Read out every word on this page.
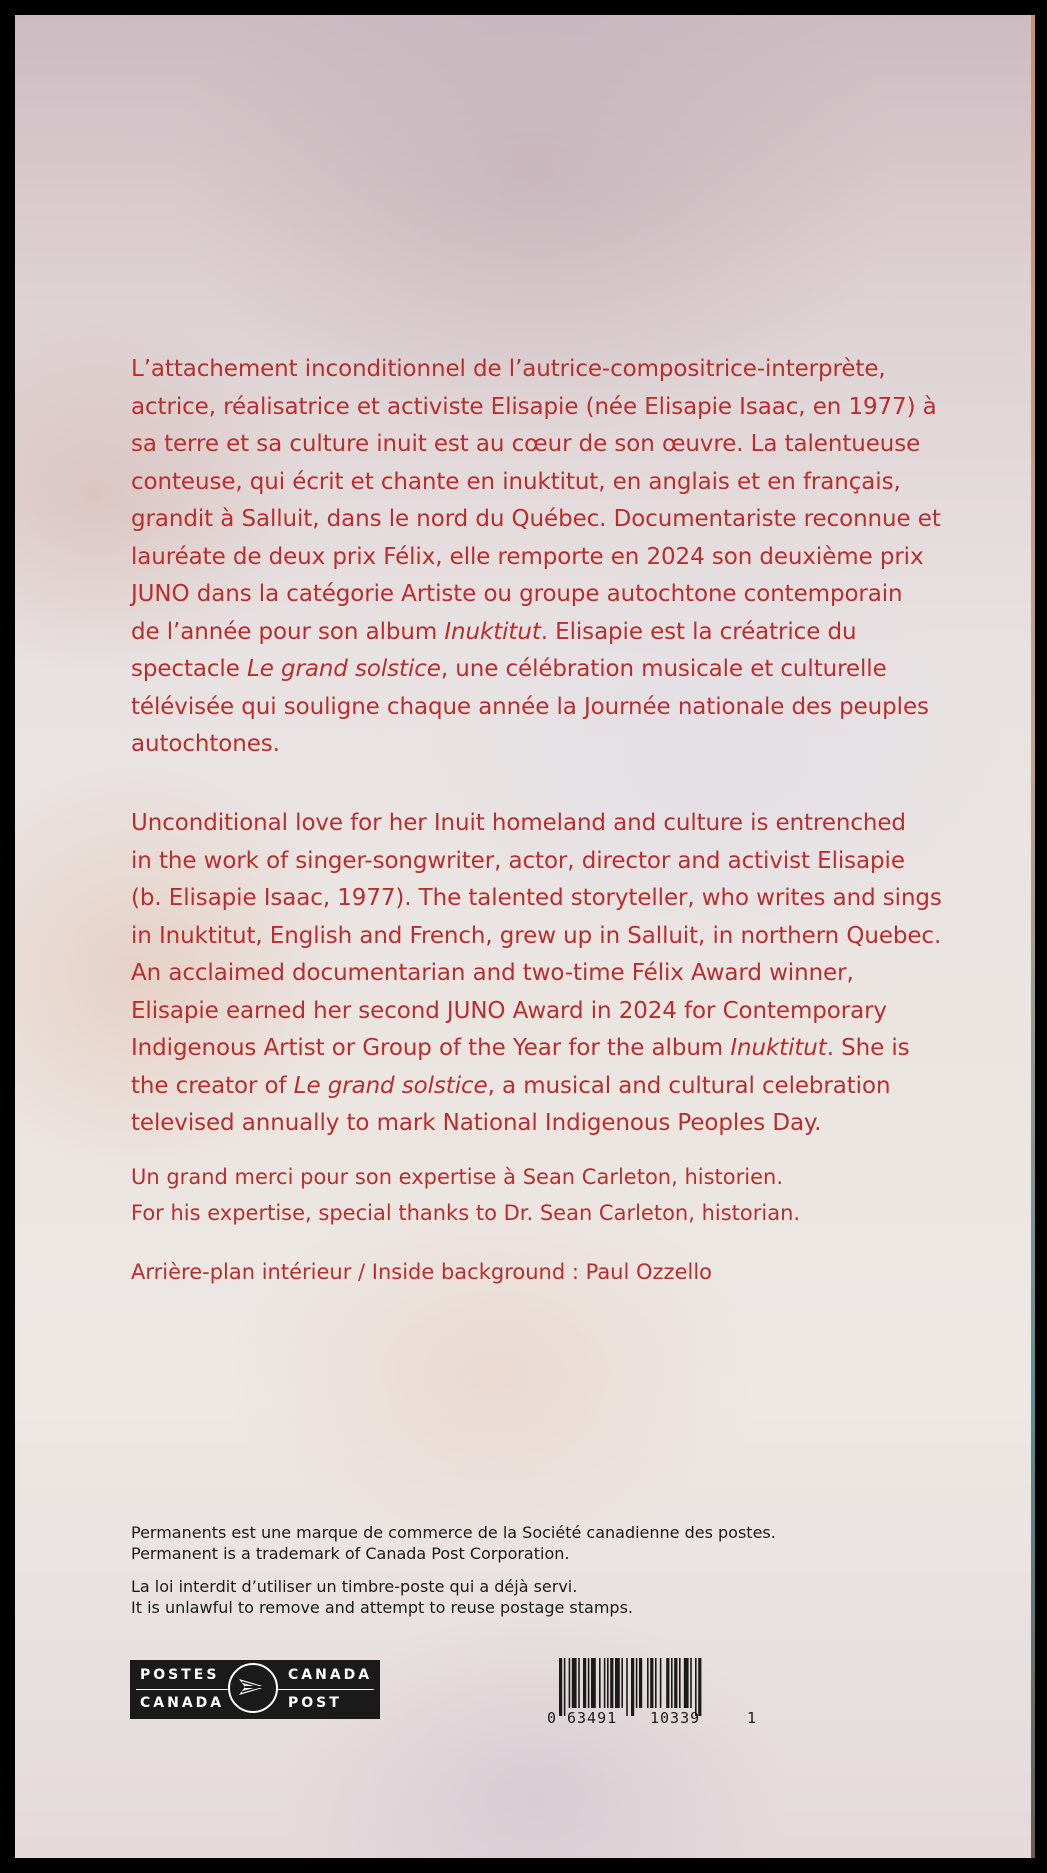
L’attachement inconditionnel de l’autrice-compositrice-interprète,
actrice, réalisatrice et activiste Elisapie (née Elisapie Isaac, en 1977) à
sa terre et sa culture inuit est au cœur de son œuvre. La talentueuse
conteuse, qui écrit et chante en inuktitut, en anglais et en français,
grandit à Salluit, dans le nord du Québec. Documentariste reconnue et
lauréate de deux prix Félix, elle remporte en 2024 son deuxième prix
JUNO dans la catégorie Artiste ou groupe autochtone contemporain
de l’année pour son album Inuktitut. Elisapie est la créatrice du
spectacle Le grand solstice, une célébration musicale et culturelle
télévisée qui souligne chaque année la Journée nationale des peuples
autochtones.

Unconditional love for her Inuit homeland and culture is entrenched
in the work of singer-songwriter, actor, director and activist Elisapie
(b. Elisapie Isaac, 1977). The talented storyteller, who writes and sings
in Inuktitut, English and French, grew up in Salluit, in northern Quebec.
An acclaimed documentarian and two-time Félix Award winner,
Elisapie earned her second JUNO Award in 2024 for Contemporary
Indigenous Artist or Group of the Year for the album Inuktitut. She is
the creator of Le grand solstice, a musical and cultural celebration
televised annually to mark National Indigenous Peoples Day.

Un grand merci pour son expertise à Sean Carleton, historien.
For his expertise, special thanks to Dr. Sean Carleton, historian.
Arrière-plan intérieur / Inside background : Paul Ozzello
Permanents est une marque de commerce de la Société canadienne des postes.
Permanent is a trademark of Canada Post Corporation.
La loi interdit d’utiliser un timbre-poste qui a déjà servi.
It is unlawful to remove and attempt to reuse postage stamps.
POSTES
CANADA
CANADA
POST
0 63491 10339	1
